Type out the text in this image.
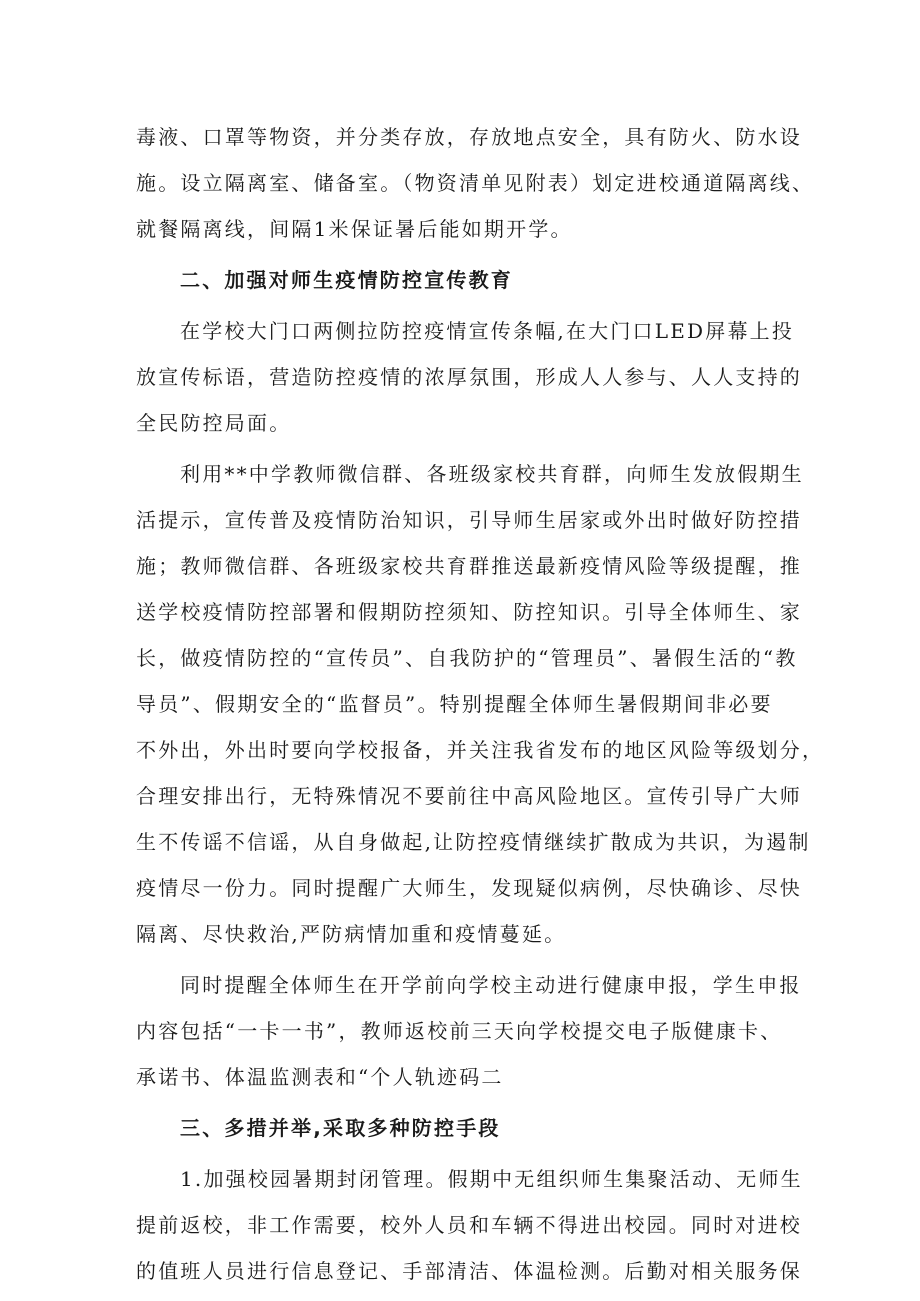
毒液、口罩等物资，并分类存放，存放地点安全，具有防火、防水设
施。设立隔离室、储备室。（物资清单见附表）划定进校通道隔离线、
就餐隔离线，间隔1米保证暑后能如期开学。
二、加强对师生疫情防控宣传教育
在学校大门口两侧拉防控疫情宣传条幅,在大门口LED屏幕上投
放宣传标语，营造防控疫情的浓厚氛围，形成人人参与、人人支持的
全民防控局面。
利用**中学教师微信群、各班级家校共育群，向师生发放假期生
活提示，宣传普及疫情防治知识，引导师生居家或外出时做好防控措
施；教师微信群、各班级家校共育群推送最新疫情风险等级提醒，推
送学校疫情防控部署和假期防控须知、防控知识。引导全体师生、家
长，做疫情防控的“宣传员”、自我防护的“管理员”、暑假生活的“教
导员”、假期安全的“监督员”。特别提醒全体师生暑假期间非必要
不外出，外出时要向学校报备，并关注我省发布的地区风险等级划分，
合理安排出行，无特殊情况不要前往中高风险地区。宣传引导广大师
生不传谣不信谣，从自身做起,让防控疫情继续扩散成为共识，为遏制
疫情尽一份力。同时提醒广大师生，发现疑似病例，尽快确诊、尽快
隔离、尽快救治,严防病情加重和疫情蔓延。
同时提醒全体师生在开学前向学校主动进行健康申报，学生申报
内容包括“一卡一书”，教师返校前三天向学校提交电子版健康卡、
承诺书、体温监测表和“个人轨迹码二
三、多措并举,采取多种防控手段
1.加强校园暑期封闭管理。假期中无组织师生集聚活动、无师生
提前返校，非工作需要，校外人员和车辆不得进出校园。同时对进校
的值班人员进行信息登记、手部清洁、体温检测。后勤对相关服务保
